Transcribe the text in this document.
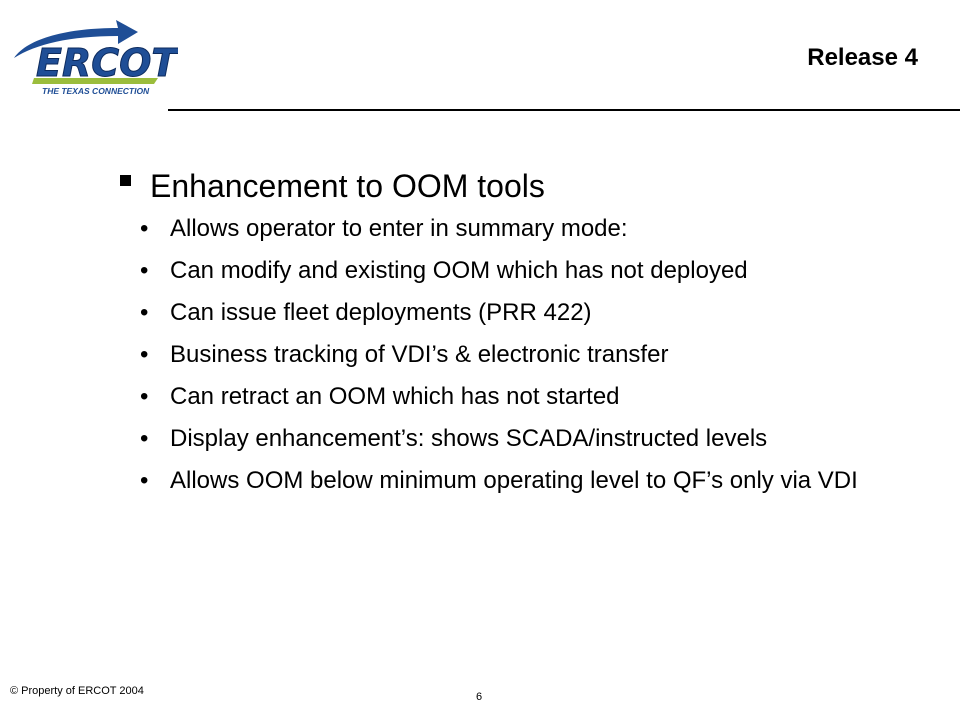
ERCOT
THE TEXAS CONNECTION
Release 4
Enhancement to OOM tools
• Allows operator to enter in summary mode:
• Can modify and existing OOM which has not deployed
• Can issue fleet deployments (PRR 422)
• Business tracking of VDI’s & electronic transfer
• Can retract an OOM which has not started
• Display enhancement’s: shows SCADA/instructed levels
• Allows OOM below minimum operating level to QF’s only via VDI
© Property of ERCOT 2004	6
